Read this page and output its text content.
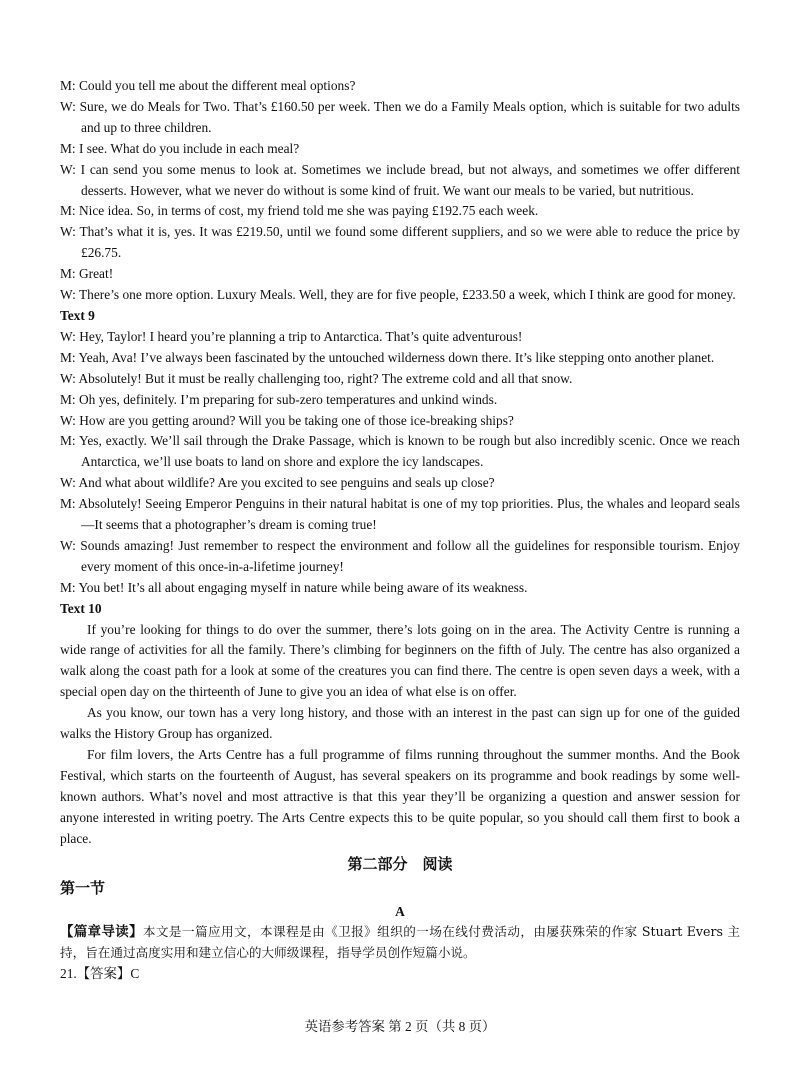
M: Could you tell me about the different meal options?

W: Sure, we do Meals for Two. That’s £160.50 per week. Then we do a Family Meals option, which is suitable for two adults and up to three children.

M: I see. What do you include in each meal?

W: I can send you some menus to look at. Sometimes we include bread, but not always, and sometimes we offer different desserts. However, what we never do without is some kind of fruit. We want our meals to be varied, but nutritious.

M: Nice idea. So, in terms of cost, my friend told me she was paying £192.75 each week.

W: That’s what it is, yes. It was £219.50, until we found some different suppliers, and so we were able to reduce the price by £26.75.

M: Great!

W: There’s one more option. Luxury Meals. Well, they are for five people, £233.50 a week, which I think are good for money.

Text 9

W: Hey, Taylor! I heard you’re planning a trip to Antarctica. That’s quite adventurous!

M: Yeah, Ava! I’ve always been fascinated by the untouched wilderness down there. It’s like stepping onto another planet.

W: Absolutely! But it must be really challenging too, right? The extreme cold and all that snow.

M: Oh yes, definitely. I’m preparing for sub-zero temperatures and unkind winds.

W: How are you getting around? Will you be taking one of those ice-breaking ships?

M: Yes, exactly. We’ll sail through the Drake Passage, which is known to be rough but also incredibly scenic. Once we reach Antarctica, we’ll use boats to land on shore and explore the icy landscapes.

W: And what about wildlife? Are you excited to see penguins and seals up close?

M: Absolutely! Seeing Emperor Penguins in their natural habitat is one of my top priorities. Plus, the whales and leopard seals —It seems that a photographer’s dream is coming true!

W: Sounds amazing! Just remember to respect the environment and follow all the guidelines for responsible tourism. Enjoy every moment of this once-in-a-lifetime journey!

M: You bet! It’s all about engaging myself in nature while being aware of its weakness.

Text 10

If you’re looking for things to do over the summer, there’s lots going on in the area. The Activity Centre is running a wide range of activities for all the family. There’s climbing for beginners on the fifth of July. The centre has also organized a walk along the coast path for a look at some of the creatures you can find there. The centre is open seven days a week, with a special open day on the thirteenth of June to give you an idea of what else is on offer.

As you know, our town has a very long history, and those with an interest in the past can sign up for one of the guided walks the History Group has organized.

For film lovers, the Arts Centre has a full programme of films running throughout the summer months. And the Book Festival, which starts on the fourteenth of August, has several speakers on its programme and book readings by some well-known authors. What’s novel and most attractive is that this year they’ll be organizing a question and answer session for anyone interested in writing poetry. The Arts Centre expects this to be quite popular, so you should call them first to book a place.

第二部分　阅读

第一节

A

【篇章导读】本文是一篇应用文，本课程是由《卫报》组织的一场在线付费活动，由屡获殊荣的作家 Stuart Evers 主持，旨在通过高度实用和建立信心的大师级课程，指导学员创作短篇小说。

21.【答案】C

英语参考答案 第 2 页（共 8 页）
